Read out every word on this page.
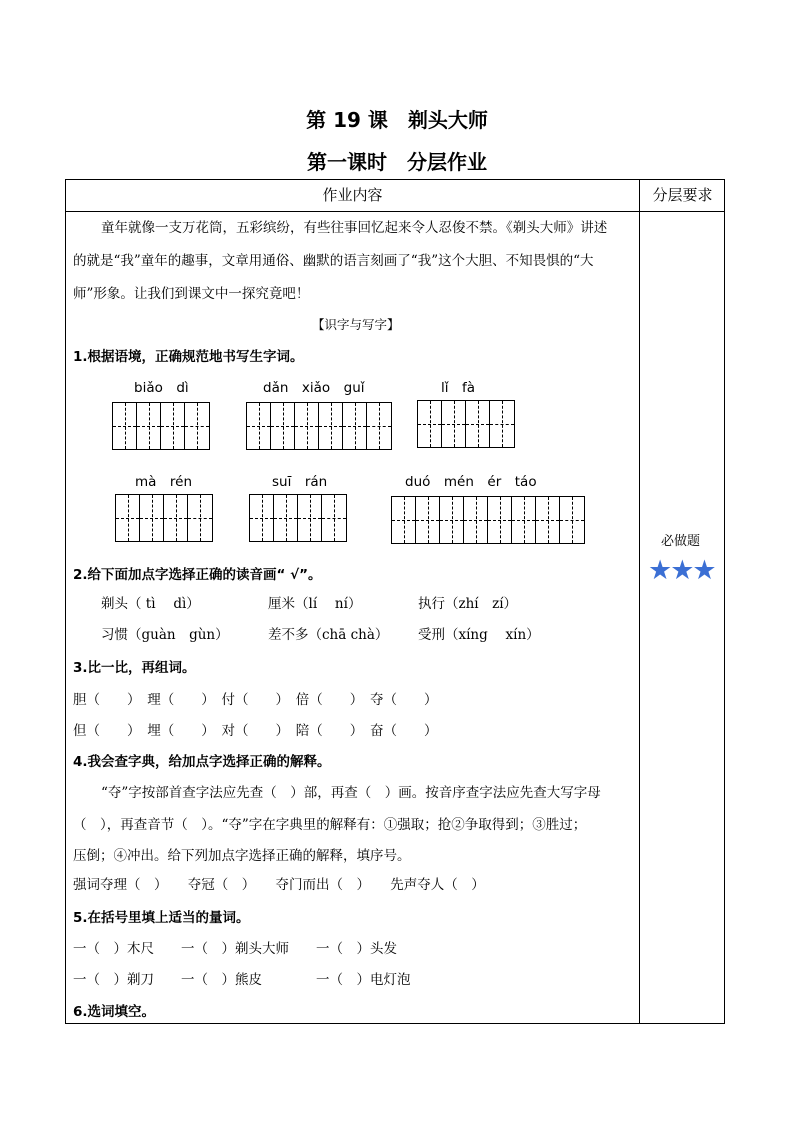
第 19 课　剃头大师
第一课时　分层作业
作业内容	分层要求
童年就像一支万花筒，五彩缤纷，有些往事回忆起来令人忍俊不禁。《剃头大师》讲述
的就是“我”童年的趣事，文章用通俗、幽默的语言刻画了“我”这个大胆、不知畏惧的“大
师”形象。让我们到课文中一探究竟吧！
【识字与写字】
1.根据语境，正确规范地书写生字词。
biǎo　dì	dǎn　xiǎo　guǐ	lǐ　fà
mà　rén	suī　rán	duó　mén　ér　táo
2.给下面加点字选择正确的读音画“ √”。
剃头（ tì　 dì）	厘米（lí　 ní）	执行（zhí　zí）
习惯（guàn　gùn）	差不多（chā chà） 受刑（xíng　 xín）
3.比一比，再组词。
胆（　　）　理（　　）　付（　　）　倍（　　）　夺（　　）
但（　　）　埋（　　）　对（　　）　陪（　　）　奋（　　）
4.我会查字典，给加点字选择正确的解释。
“夺”字按部首查字法应先查（　）部，再查（　）画。按音序查字法应先查大写字母
（　），再查音节（　）。“夺”字在字典里的解释有：①强取；抢②争取得到；③胜过；
压倒；④冲出。给下列加点字选择正确的解释，填序号。
强词夺理（　）　　夺冠（　）　　夺门而出（　）　　先声夺人（　）
5.在括号里填上适当的量词。
一（　）木尺　　一（　）剃头大师　　一（　）头发
一（　）剃刀　　一（　）熊皮　　　　一（　）电灯泡
6.选词填空。
必做题
★★★
